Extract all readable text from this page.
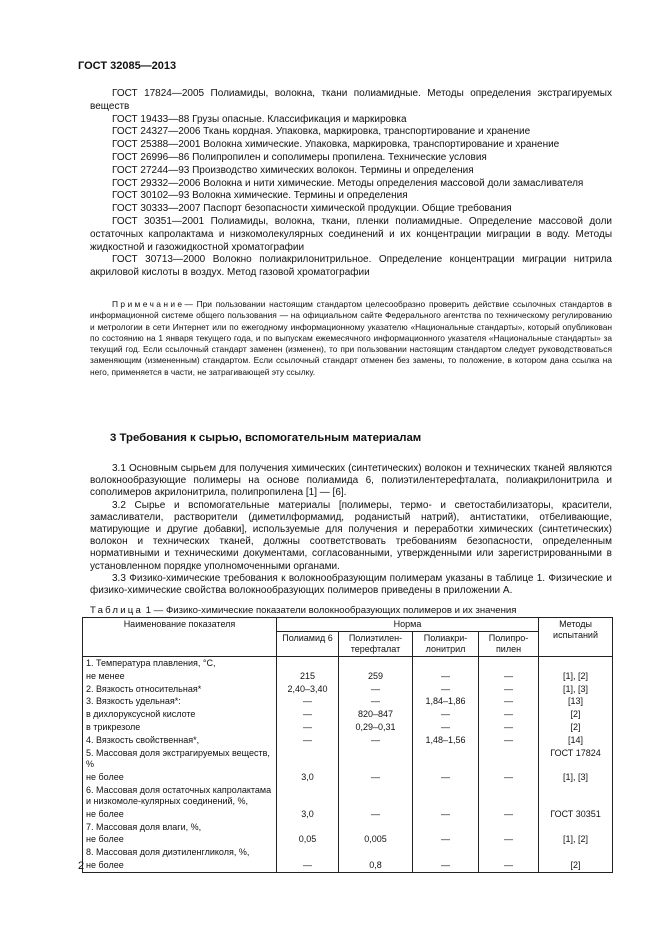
ГОСТ 32085—2013

ГОСТ 17824—2005 Полиамиды, волокна, ткани полиамидные. Методы определения экстрагируемых веществ

ГОСТ 19433—88 Грузы опасные. Классификация и маркировка

ГОСТ 24327—2006 Ткань кордная. Упаковка, маркировка, транспортирование и хранение

ГОСТ 25388—2001 Волокна химические. Упаковка, маркировка, транспортирование и хранение

ГОСТ 26996—86 Полипропилен и сополимеры пропилена. Технические условия

ГОСТ 27244—93 Производство химических волокон. Термины и определения

ГОСТ 29332—2006 Волокна и нити химические. Методы определения массовой доли замасливателя

ГОСТ 30102—93 Волокна химические. Термины и определения

ГОСТ 30333—2007 Паспорт безопасности химической продукции. Общие требования

ГОСТ 30351—2001 Полиамиды, волокна, ткани, пленки полиамидные. Определение массовой доли остаточных капролактама и низкомолекулярных соединений и их концентрации миграции в воду. Методы жидкостной и газожидкостной хроматографии

ГОСТ 30713—2000 Волокно полиакрилонитрильное. Определение концентрации миграции нитрила акриловой кислоты в воздух. Метод газовой хроматографии

Примечание— При пользовании настоящим стандартом целесообразно проверить действие ссылочных стандартов в информационной системе общего пользования — на официальном сайте Федерального агентства по техническому регулированию и метрологии в сети Интернет или по ежегодному информационному указателю «Национальные стандарты», который опубликован по состоянию на 1 января текущего года, и по выпускам ежемесячного информационного указателя «Национальные стандарты» за текущий год. Если ссылочный стандарт заменен (изменен), то при пользовании настоящим стандартом следует руководствоваться заменяющим (измененным) стандартом. Если ссылочный стандарт отменен без замены, то положение, в котором дана ссылка на него, применяется в части, не затрагивающей эту ссылку.

3 Требования к сырью, вспомогательным материалам

3.1 Основным сырьем для получения химических (синтетических) волокон и технических тканей являются волокнообразующие полимеры на основе полиамида 6, полиэтилентерефталата, полиакрилонитрила и сополимеров акрилонитрила, полипропилена [1] — [6].

3.2 Сырье и вспомогательные материалы [полимеры, термо- и светостабилизаторы, красители, замасливатели, растворители (диметилформамид, роданистый натрий), антистатики, отбеливающие, матирующие и другие добавки], используемые для получения и переработки химических (синтетических) волокон и технических тканей, должны соответствовать требованиям безопасности, определенным нормативными и техническими документами, согласованными, утвержденными или зарегистрированными в установленном порядке уполномоченными органами.

3.3 Физико-химические требования к волокнообразующим полимерам указаны в таблице 1. Физические и физико-химические свойства волокнообразующих полимеров приведены в приложении А.

Таблица 1 — Физико-химические показатели волокнообразующих полимеров и их значения
Наименование показателя	Норма				Методы испытаний
	Полиамид 6	Полиэтилен-терефталат	Полиакри-лонитрил	Полипро-пилен	
1. Температура плавления, °С,					
не менее	215	259	—	—	[1], [2]
2. Вязкость относительная*	2,40–3,40	—	—	—	[1], [3]
3. Вязкость удельная*:	—	—	1,84–1,86	—	[13]
в дихлоруксусной кислоте	—	820–847	—	—	[2]
в трикрезоле	—	0,29–0,31	—	—	[2]
4. Вязкость свойственная*,	—	—	1,48–1,56	—	[14]
5. Массовая доля экстрагируемых веществ, %					ГОСТ 17824
не более	3,0	—	—	—	[1], [3]
6. Массовая доля остаточных капролактама и низкомоле-кулярных соединений, %,					
не более	3,0	—	—	—	ГОСТ 30351
7. Массовая доля влаги, %,					
не более	0,05	0,005	—	—	[1], [2]
8. Массовая доля диэтиленгликоля, %,					
не более	—	0,8	—	—	[2]
2
